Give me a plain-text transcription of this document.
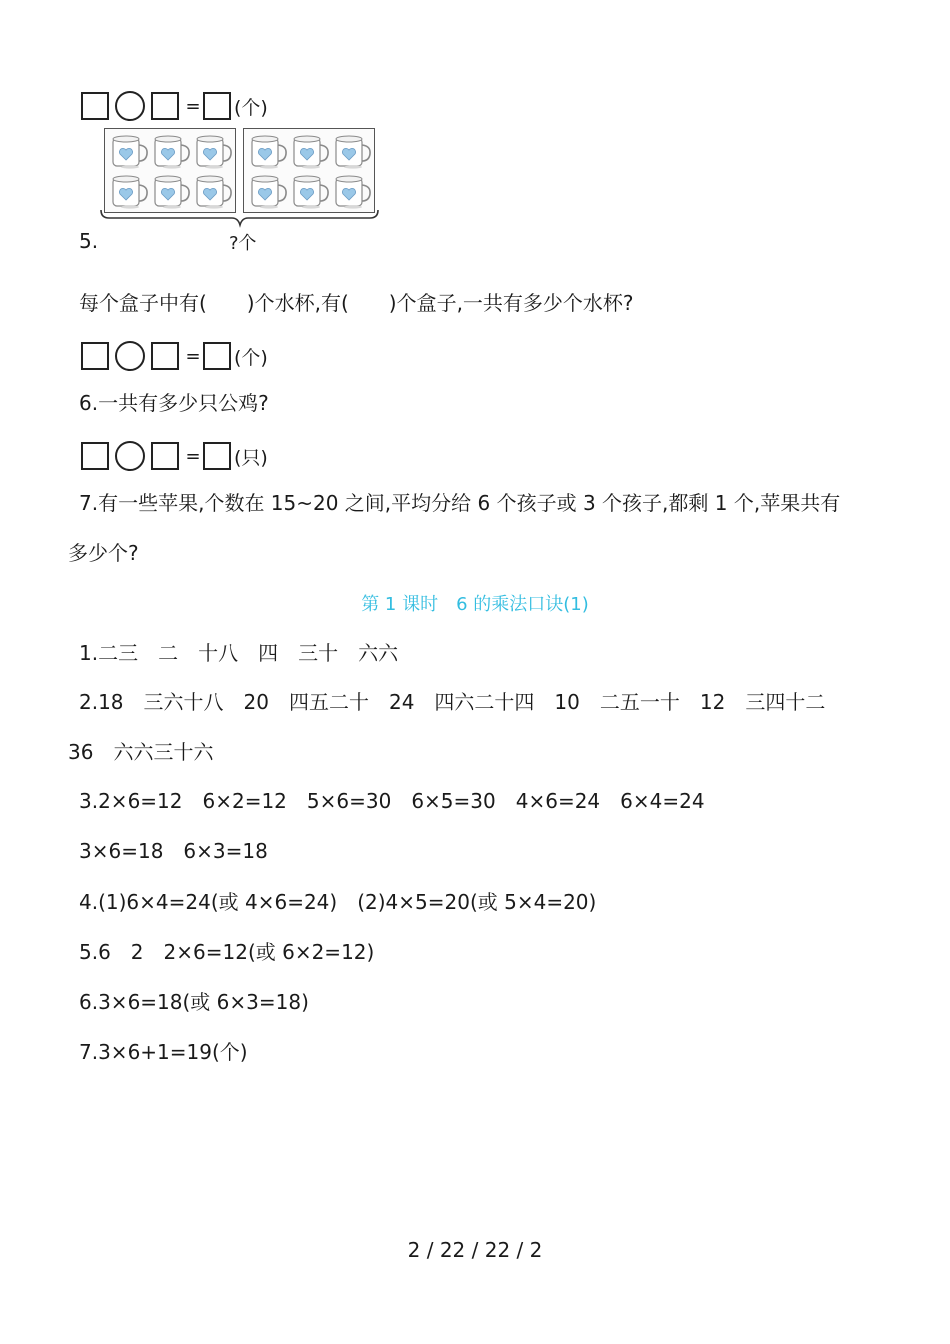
= (个)
5.	?个
每个盒子中有(　　)个水杯,有(　　)个盒子,一共有多少个水杯?
= (个)
6.一共有多少只公鸡?
= (只)
7.有一些苹果,个数在 15~20 之间,平均分给 6 个孩子或 3 个孩子,都剩 1 个,苹果共有
多少个?
第 1 课时　6 的乘法口诀(1)
1.二三　二　十八　四　三十　六六
2.18　三六十八　20　四五二十　24　四六二十四　10　二五一十　12　三四十二
36　六六三十六
3.2×6=12　6×2=12　5×6=30　6×5=30　4×6=24　6×4=24
3×6=18　6×3=18
4.(1)6×4=24(或 4×6=24)　(2)4×5=20(或 5×4=20)
5.6　2　2×6=12(或 6×2=12)
6.3×6=18(或 6×3=18)
7.3×6+1=19(个)
2 / 22 / 22 / 2
